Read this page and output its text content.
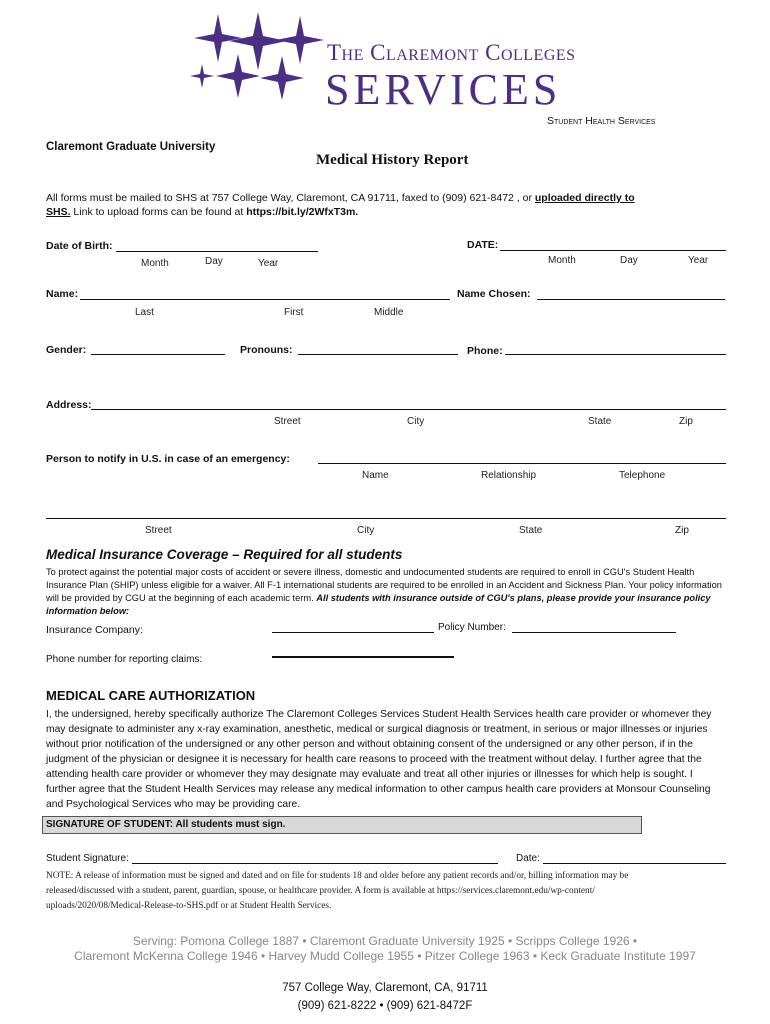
The Claremont Colleges
SERVICES
Student Health Services
Claremont Graduate University
Medical History Report
All forms must be mailed to SHS at 757 College Way, Claremont, CA 91711, faxed to (909) 621-8472 , or uploaded directly to
SHS. Link to upload forms can be found at https://bit.ly/2WfxT3m.
Date of Birth:
Month	Day	Year
DATE:
Month	Day	Year
Name:
Last	First	Middle
Name Chosen:
Gender:	Pronouns:	Phone:
Address:
Street	City	State	Zip
Person to notify in U.S. in case of an emergency:
Name	Relationship	Telephone
Street	City	State	Zip
Medical Insurance Coverage – Required for all students
To protect against the potential major costs of accident or severe illness, domestic and undocumented students are required to enroll in CGU's Student Health
Insurance Plan (SHIP) unless eligible for a waiver. All F-1 international students are required to be enrolled in an Accident and Sickness Plan. Your policy information
will be provided by CGU at the beginning of each academic term. All students with insurance outside of CGU's plans, please provide your insurance policy
information below:
Insurance Company:	Policy Number:
Phone number for reporting claims:
MEDICAL CARE AUTHORIZATION
I, the undersigned, hereby specifically authorize The Claremont Colleges Services Student Health Services health care provider or whomever they
may designate to administer any x-ray examination, anesthetic, medical or surgical diagnosis or treatment, in serious or major illnesses or injuries
without prior notification of the undersigned or any other person and without obtaining consent of the undersigned or any other person, if in the
judgment of the physician or designee it is necessary for health care reasons to proceed with the treatment without delay. I further agree that the
attending health care provider or whomever they may designate may evaluate and treat all other injuries or illnesses for which help is sought. I
further agree that the Student Health Services may release any medical information to other campus health care providers at Monsour Counseling
and Psychological Services who may be providing care.
SIGNATURE OF STUDENT: All students must sign.
Student Signature:	Date:
NOTE: A release of information must be signed and dated and on file for students 18 and older before any patient records and/or, billing information may be
released/discussed with a student, parent, guardian, spouse, or healthcare provider. A form is available at https://services.claremont.edu/wp-content/
uploads/2020/08/Medical-Release-to-SHS.pdf or at Student Health Services.
Serving: Pomona College 1887 • Claremont Graduate University 1925 • Scripps College 1926 •
Claremont McKenna College 1946 • Harvey Mudd College 1955 • Pitzer College 1963 • Keck Graduate Institute 1997
757 College Way, Claremont, CA, 91711
(909) 621-8222 • (909) 621-8472F
